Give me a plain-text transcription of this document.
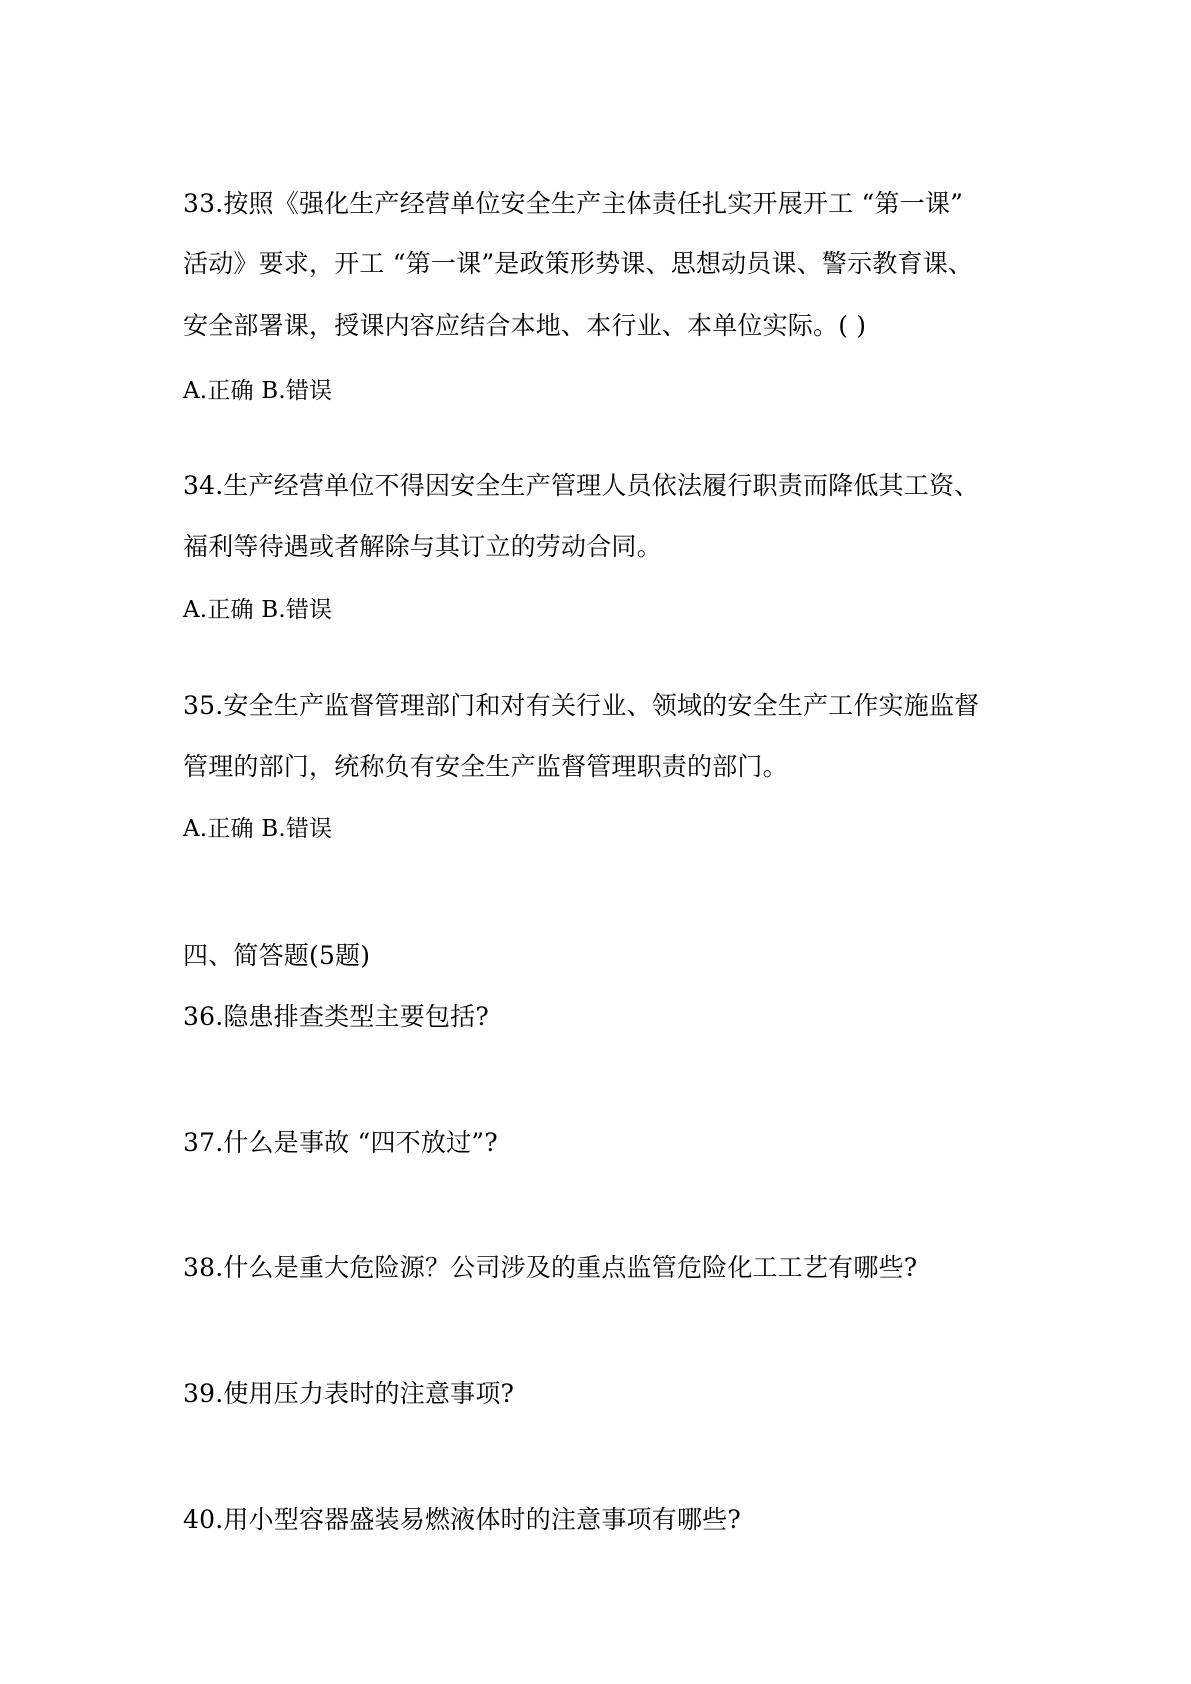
33.按照《强化生产经营单位安全生产主体责任扎实开展开工 “第一课”
活动》要求，开工 “第一课”是政策形势课、思想动员课、警示教育课、
安全部署课，授课内容应结合本地、本行业、本单位实际。( )
A.正确 B.错误
34.生产经营单位不得因安全生产管理人员依法履行职责而降低其工资、
福利等待遇或者解除与其订立的劳动合同。
A.正确 B.错误
35.安全生产监督管理部门和对有关行业、领域的安全生产工作实施监督
管理的部门，统称负有安全生产监督管理职责的部门。
A.正确 B.错误
四、简答题(5题)
36.隐患排查类型主要包括?
37.什么是事故 “四不放过”?
38.什么是重大危险源？公司涉及的重点监管危险化工工艺有哪些?
39.使用压力表时的注意事项?
40.用小型容器盛装易燃液体时的注意事项有哪些?
